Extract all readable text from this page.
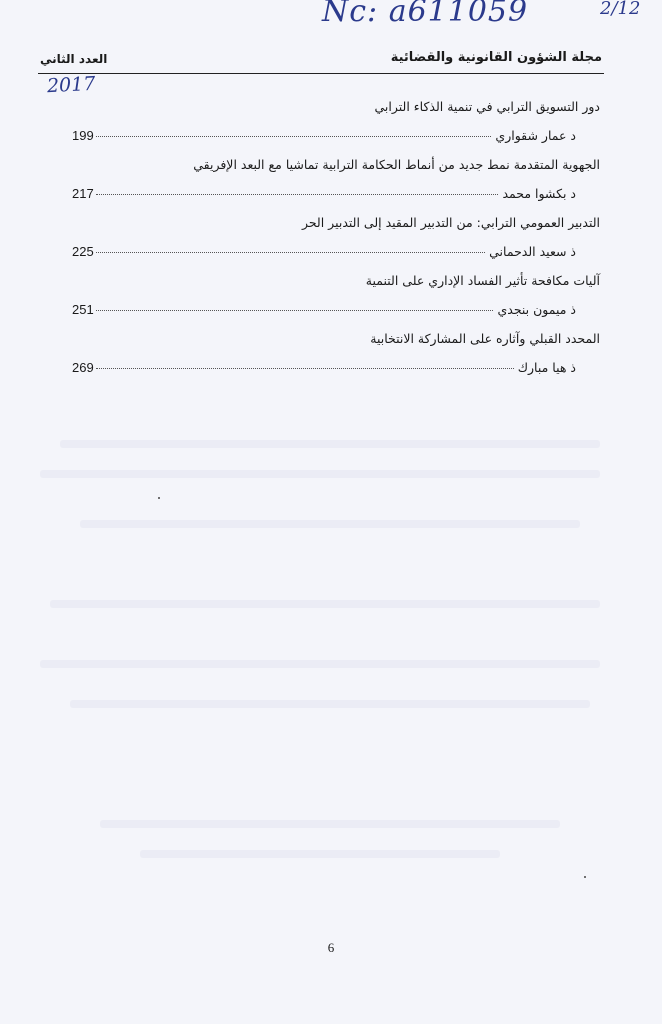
Nc: a611059	2/12
مجلة الشؤون القانونية والقضائية
العدد الثاني
2017
دور التسويق الترابي في تنمية الذكاء الترابي
د عمار شقواري
199
الجهوية المتقدمة نمط جديد من أنماط الحكامة الترابية تماشيا مع البعد الإفريقي
د بكشوا محمد
217
التدبير العمومي الترابي: من التدبير المقيد إلى التدبير الحر
ذ سعيد الدحماني
225
آليات مكافحة تأثير الفساد الإداري على التنمية
ذ ميمون بنجدي
251
المحدد القبلي وآثاره على المشاركة الانتخابية
ذ هيا مبارك
269
6
